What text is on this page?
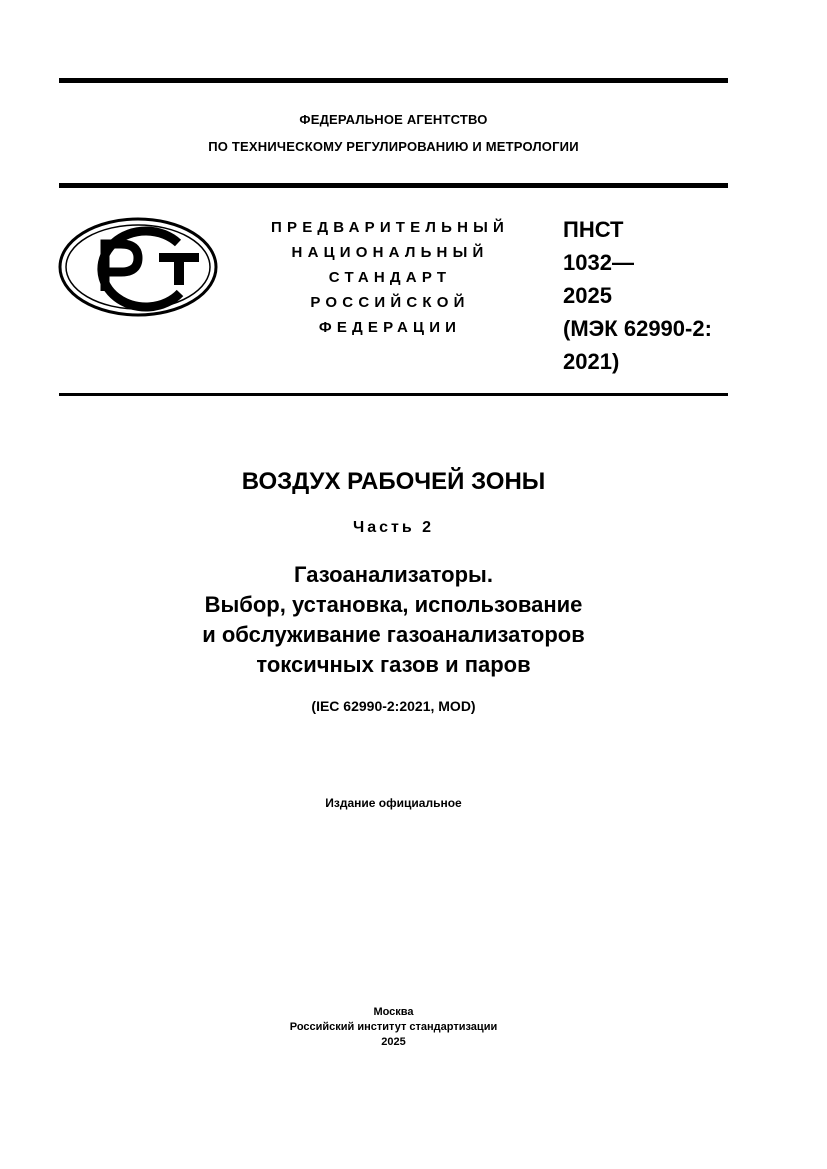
ФЕДЕРАЛЬНОЕ АГЕНТСТВО
ПО ТЕХНИЧЕСКОМУ РЕГУЛИРОВАНИЮ И МЕТРОЛОГИИ
ПРЕДВАРИТЕЛЬНЫЙ
НАЦИОНАЛЬНЫЙ
СТАНДАРТ
РОССИЙСКОЙ
ФЕДЕРАЦИИ
ПНСТ
1032—
2025
(МЭК 62990-2:
2021)
ВОЗДУХ РАБОЧЕЙ ЗОНЫ
Часть 2
Газоанализаторы.
Выбор, установка, использование
и обслуживание газоанализаторов
токсичных газов и паров
(IEC 62990-2:2021, MOD)
Издание официальное
Москва
Российский институт стандартизации
2025
